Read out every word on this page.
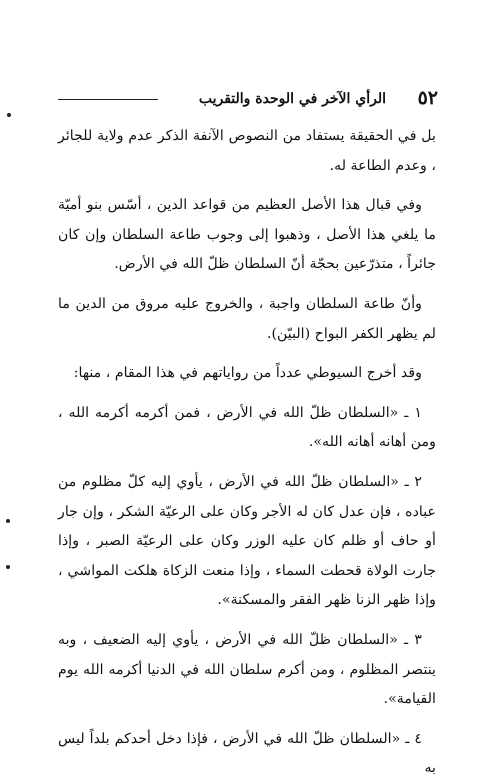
٥٢
الرأي الآخر في الوحدة والتقريب

بل في الحقيقة يستفاد من النصوص الآنفة الذكر عدم ولاية للجائر ، وعدم الطاعة له.

وفي قبال هذا الأصل العظيم من قواعد الدين ، أسّس بنو أميّة ما يلغي هذا الأصل ، وذهبوا إلى وجوب طاعة السلطان وإن كان جائراً ، متذرّعين بحجّة أنّ السلطان ظلّ الله في الأرض.

وأنّ طاعة السلطان واجبة ، والخروج عليه مروق من الدين ما لم يظهر الكفر البواح (البيّن).

وقد أخرج السيوطي عدداً من رواياتهم في هذا المقام ، منها:

١ ـ «السلطان ظلّ الله في الأرض ، فمن أكرمه أكرمه الله ، ومن أهانه أهانه الله».

٢ ـ «السلطان ظلّ الله في الأرض ، يأوي إليه كلّ مظلوم من عباده ، فإن عدل كان له الأجر وكان على الرعيّة الشكر ، وإن جار أو حاف أو ظلم كان عليه الوزر وكان على الرعيّة الصبر ، وإذا جارت الولاة قحطت السماء ، وإذا منعت الزكاة هلكت المواشي ، وإذا ظهر الزنا ظهر الفقر والمسكنة».

٣ ـ «السلطان ظلّ الله في الأرض ، يأوي إليه الضعيف ، وبه ينتصر المظلوم ، ومن أكرم سلطان الله في الدنيا أكرمه الله يوم القيامة».

٤ ـ «السلطان ظلّ الله في الأرض ، فإذا دخل أحدكم بلداً ليس به
